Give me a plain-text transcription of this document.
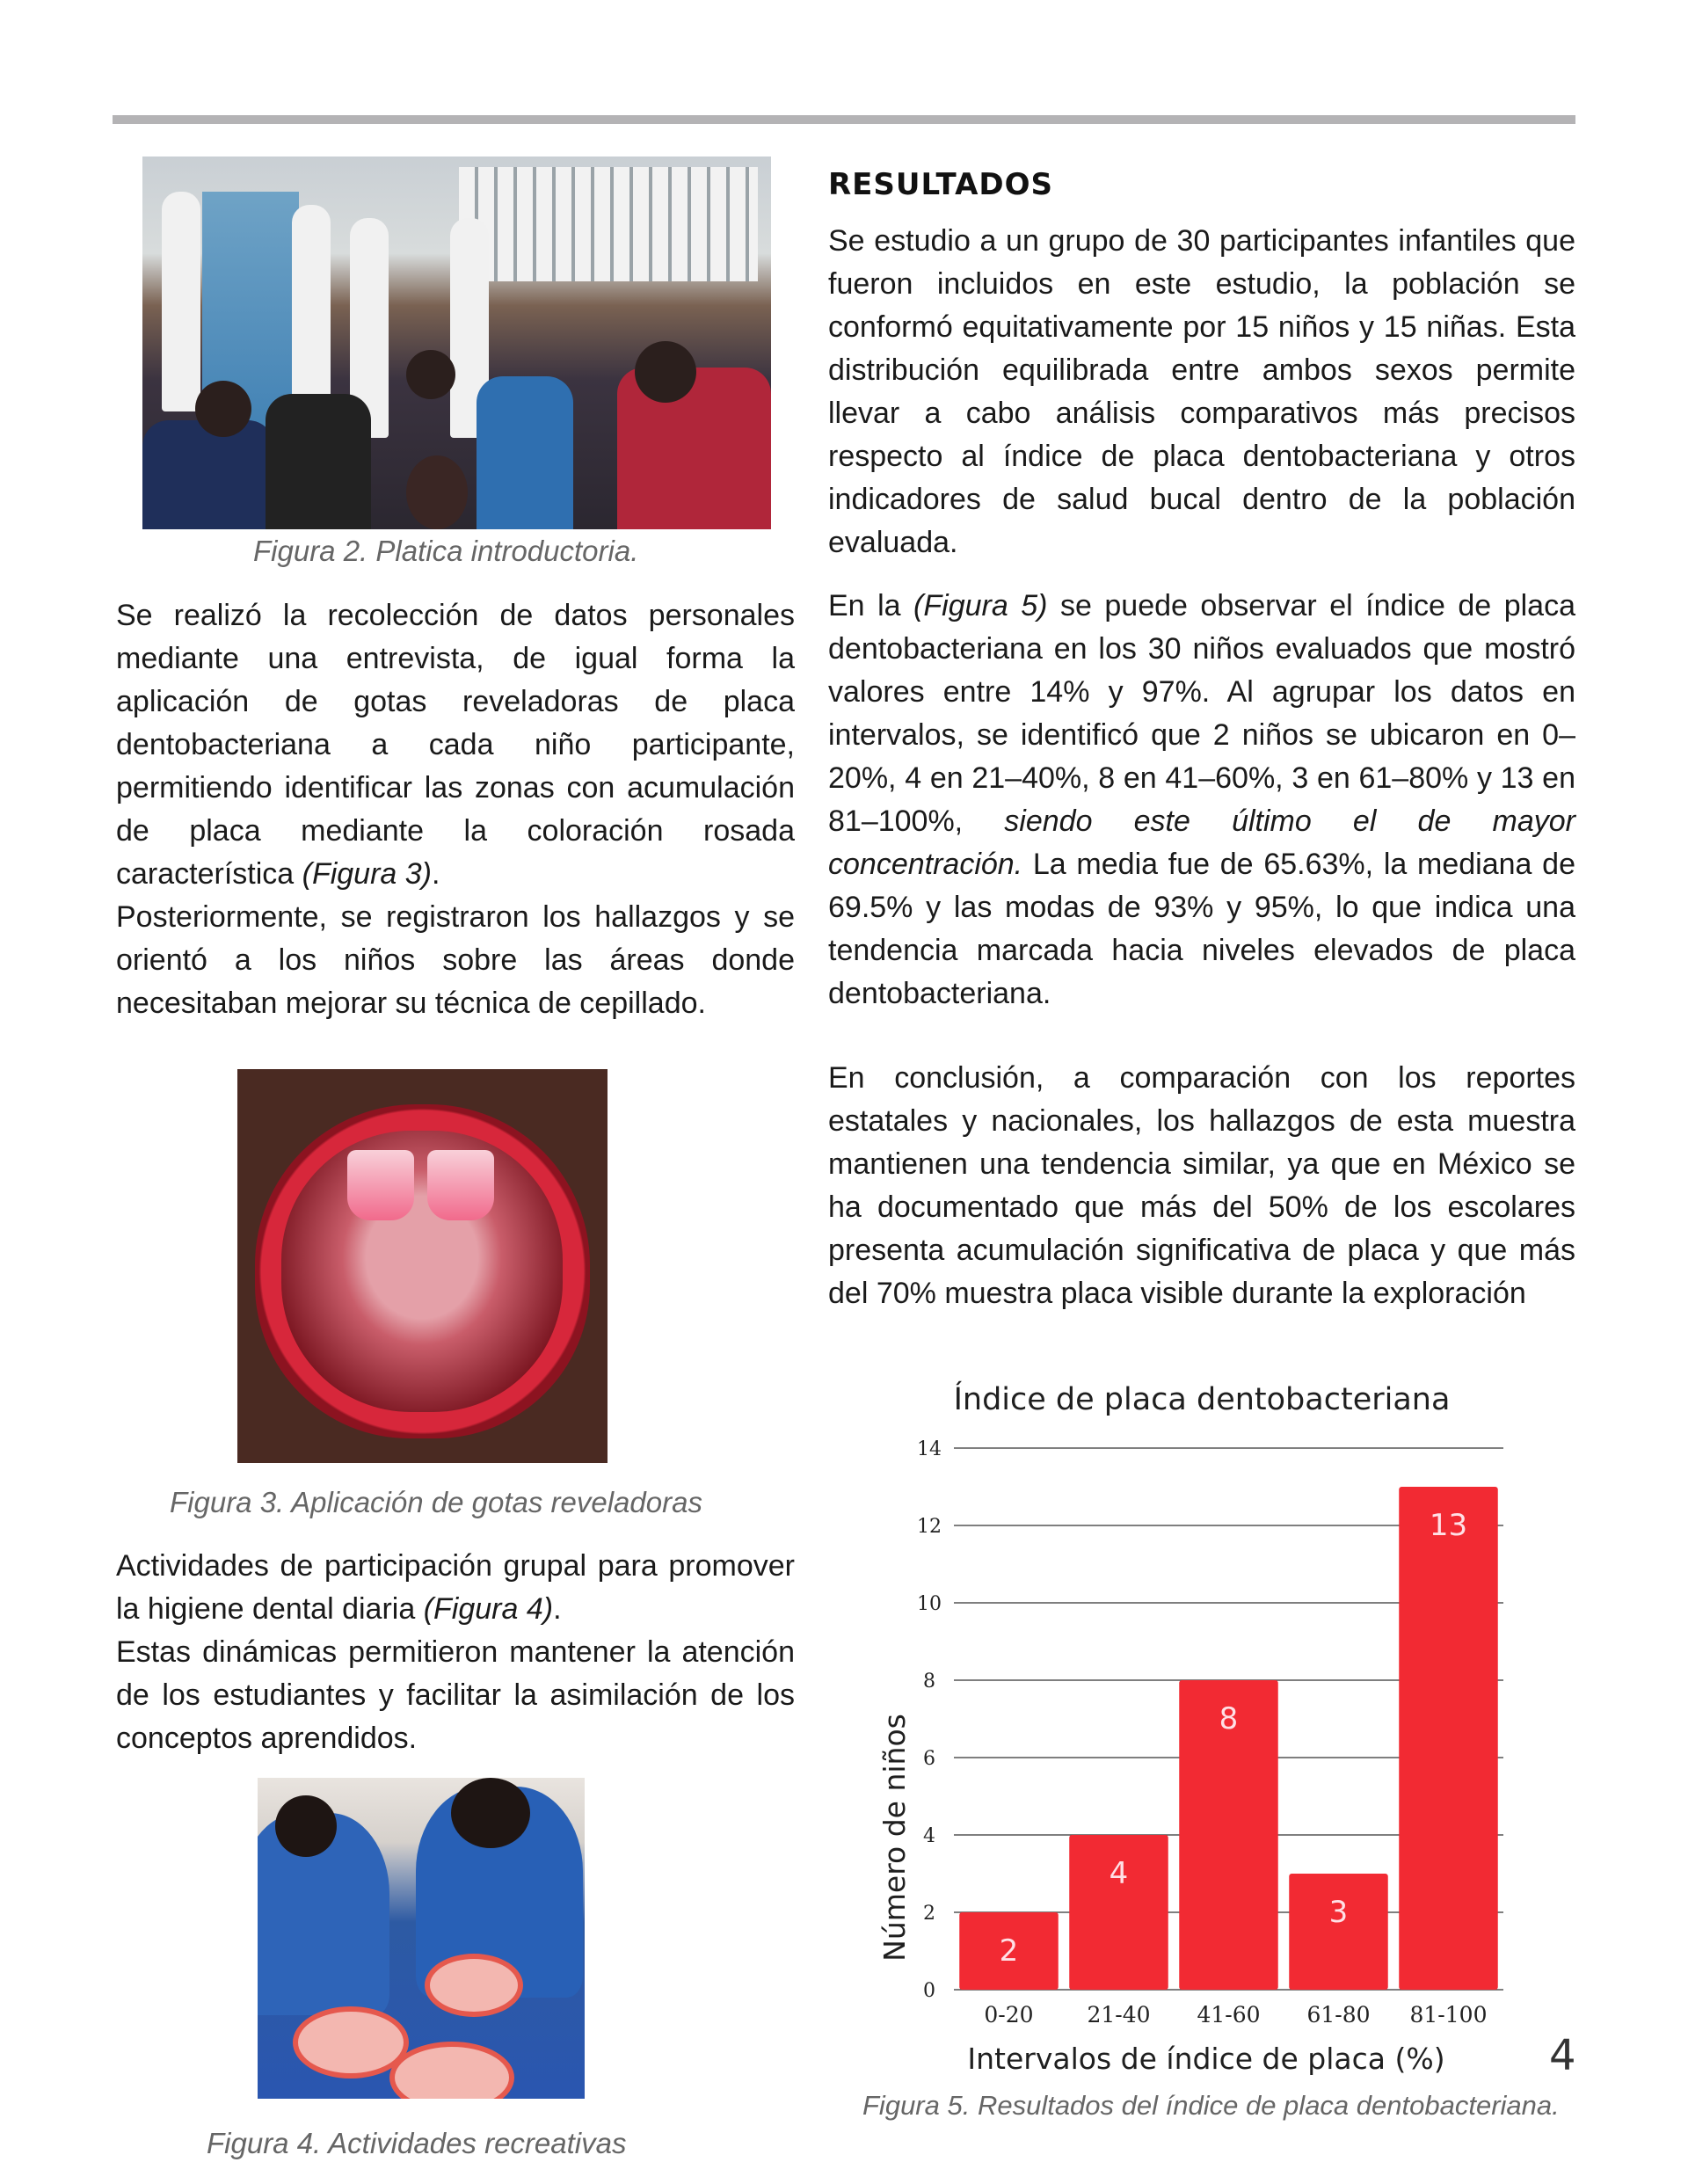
Figura 2. Platica introductoria.

Se realizó la recolección de datos personales mediante una entrevista, de igual forma la aplicación de gotas reveladoras de placa dentobacteriana a cada niño participante, permitiendo identificar las zonas con acumulación de placa mediante la coloración rosada característica (Figura 3).
Posteriormente, se registraron los hallazgos y se orientó a los niños sobre las áreas donde necesitaban mejorar su técnica de cepillado.

Figura 3. Aplicación de gotas reveladoras

Actividades de participación grupal para promover la higiene dental diaria (Figura 4).
Estas dinámicas permitieron mantener la atención de los estudiantes y facilitar la asimilación de los conceptos aprendidos.

Figura 4. Actividades recreativas

RESULTADOS

Se estudio a un grupo de 30 participantes infantiles que fueron incluidos en este estudio, la población se conformó equitativamente por 15 niños y 15 niñas. Esta distribución equilibrada entre ambos sexos permite llevar a cabo análisis comparativos más precisos respecto al índice de placa dentobacteriana y otros indicadores de salud bucal dentro de la población evaluada.

En la (Figura 5) se puede observar el índice de placa dentobacteriana en los 30 niños evaluados que mostró valores entre 14% y 97%. Al agrupar los datos en intervalos, se identificó que 2 niños se ubicaron en 0–20%, 4 en 21–40%, 8 en 41–60%, 3 en 61–80% y 13 en 81–100%, siendo este último el de mayor concentración. La media fue de 65.63%, la mediana de 69.5% y las modas de 93% y 95%, lo que indica una tendencia marcada hacia niveles elevados de placa dentobacteriana.

En conclusión, a comparación con los reportes estatales y nacionales, los hallazgos de esta muestra mantienen una tendencia similar, ya que en México se ha documentado que más del 50% de los escolares presenta acumulación significativa de placa y que más del 70% muestra placa visible durante la exploración

Índice de placa dentobacteriana
0
2
4
6
8
10
12
14
2
4
8
3
13
0-20 21-40 41-60 61-80 81-100
Intervalos de índice de placa (%)
Número de niños

Figura 5. Resultados del índice de placa dentobacteriana.

4
